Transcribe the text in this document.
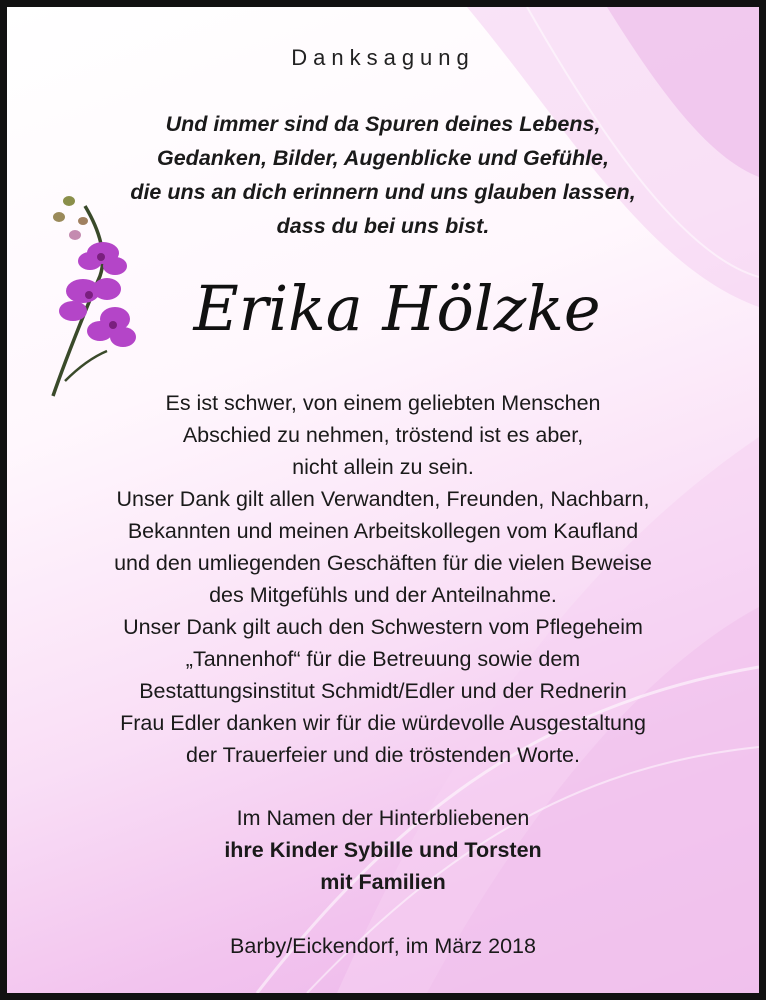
Danksagung
Und immer sind da Spuren deines Lebens,
Gedanken, Bilder, Augenblicke und Gefühle,
die uns an dich erinnern und uns glauben lassen,
dass du bei uns bist.
Erika Hölzke
Es ist schwer, von einem geliebten Menschen
Abschied zu nehmen, tröstend ist es aber,
nicht allein zu sein.
Unser Dank gilt allen Verwandten, Freunden, Nachbarn,
Bekannten und meinen Arbeitskollegen vom Kaufland
und den umliegenden Geschäften für die vielen Beweise
des Mitgefühls und der Anteilnahme.
Unser Dank gilt auch den Schwestern vom Pflegeheim
„Tannenhof“ für die Betreuung sowie dem
Bestattungsinstitut Schmidt/Edler und der Rednerin
Frau Edler danken wir für die würdevolle Ausgestaltung
der Trauerfeier und die tröstenden Worte.
Im Namen der Hinterbliebenen
ihre Kinder Sybille und Torsten
mit Familien
Barby/Eickendorf, im März 2018
